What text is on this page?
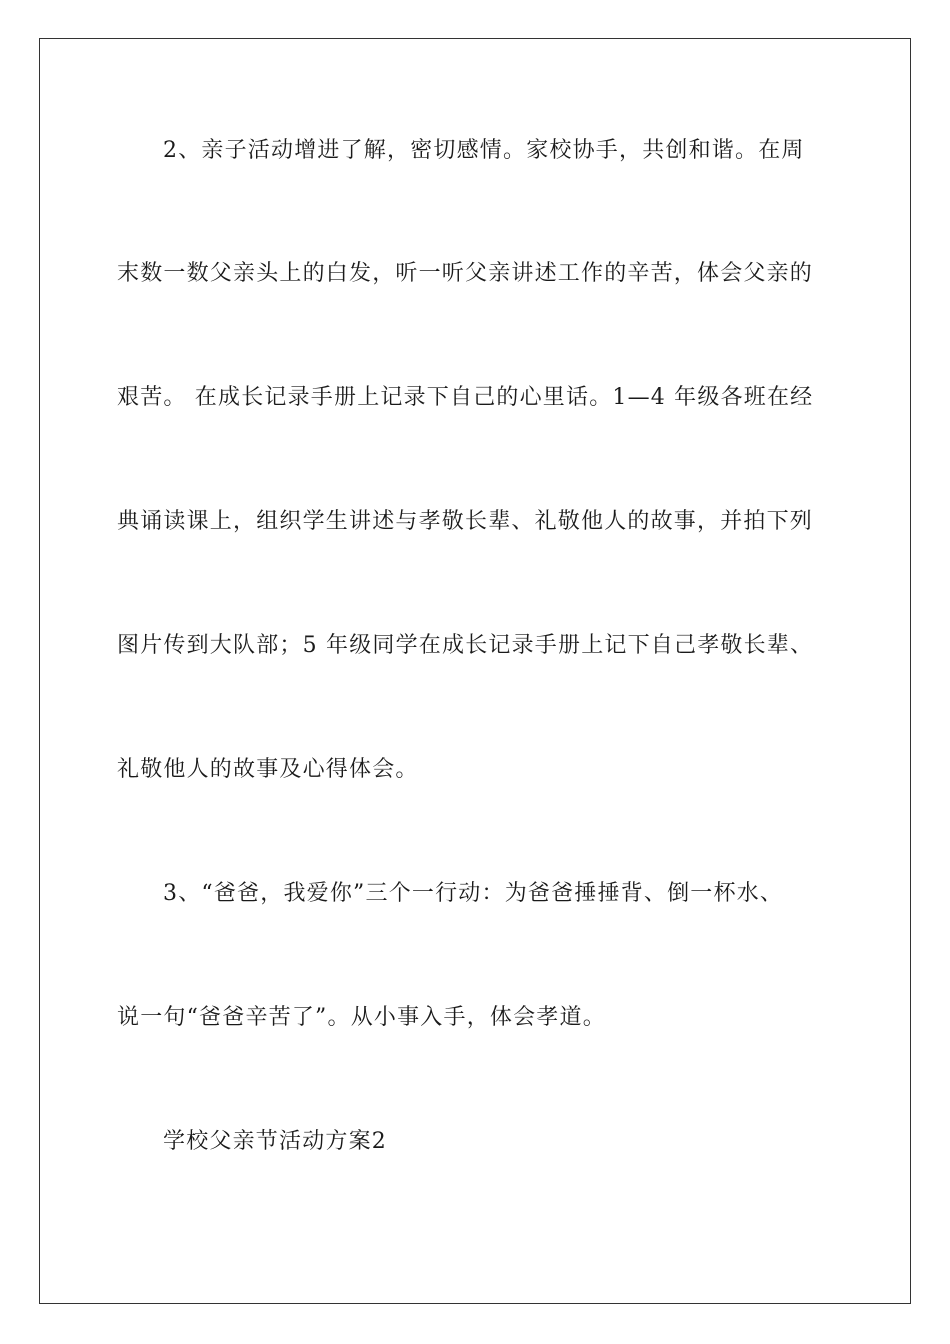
2、亲子活动增进了解，密切感情。家校协手，共创和谐。在周
末数一数父亲头上的白发，听一听父亲讲述工作的辛苦，体会父亲的
艰苦。 在成长记录手册上记录下自己的心里话。1—4 年级各班在经
典诵读课上，组织学生讲述与孝敬长辈、礼敬他人的故事，并拍下列
图片传到大队部；5 年级同学在成长记录手册上记下自己孝敬长辈、
礼敬他人的故事及心得体会。
3、“爸爸，我爱你”三个一行动：为爸爸捶捶背、倒一杯水、
说一句“爸爸辛苦了”。从小事入手，体会孝道。
学校父亲节活动方案2
